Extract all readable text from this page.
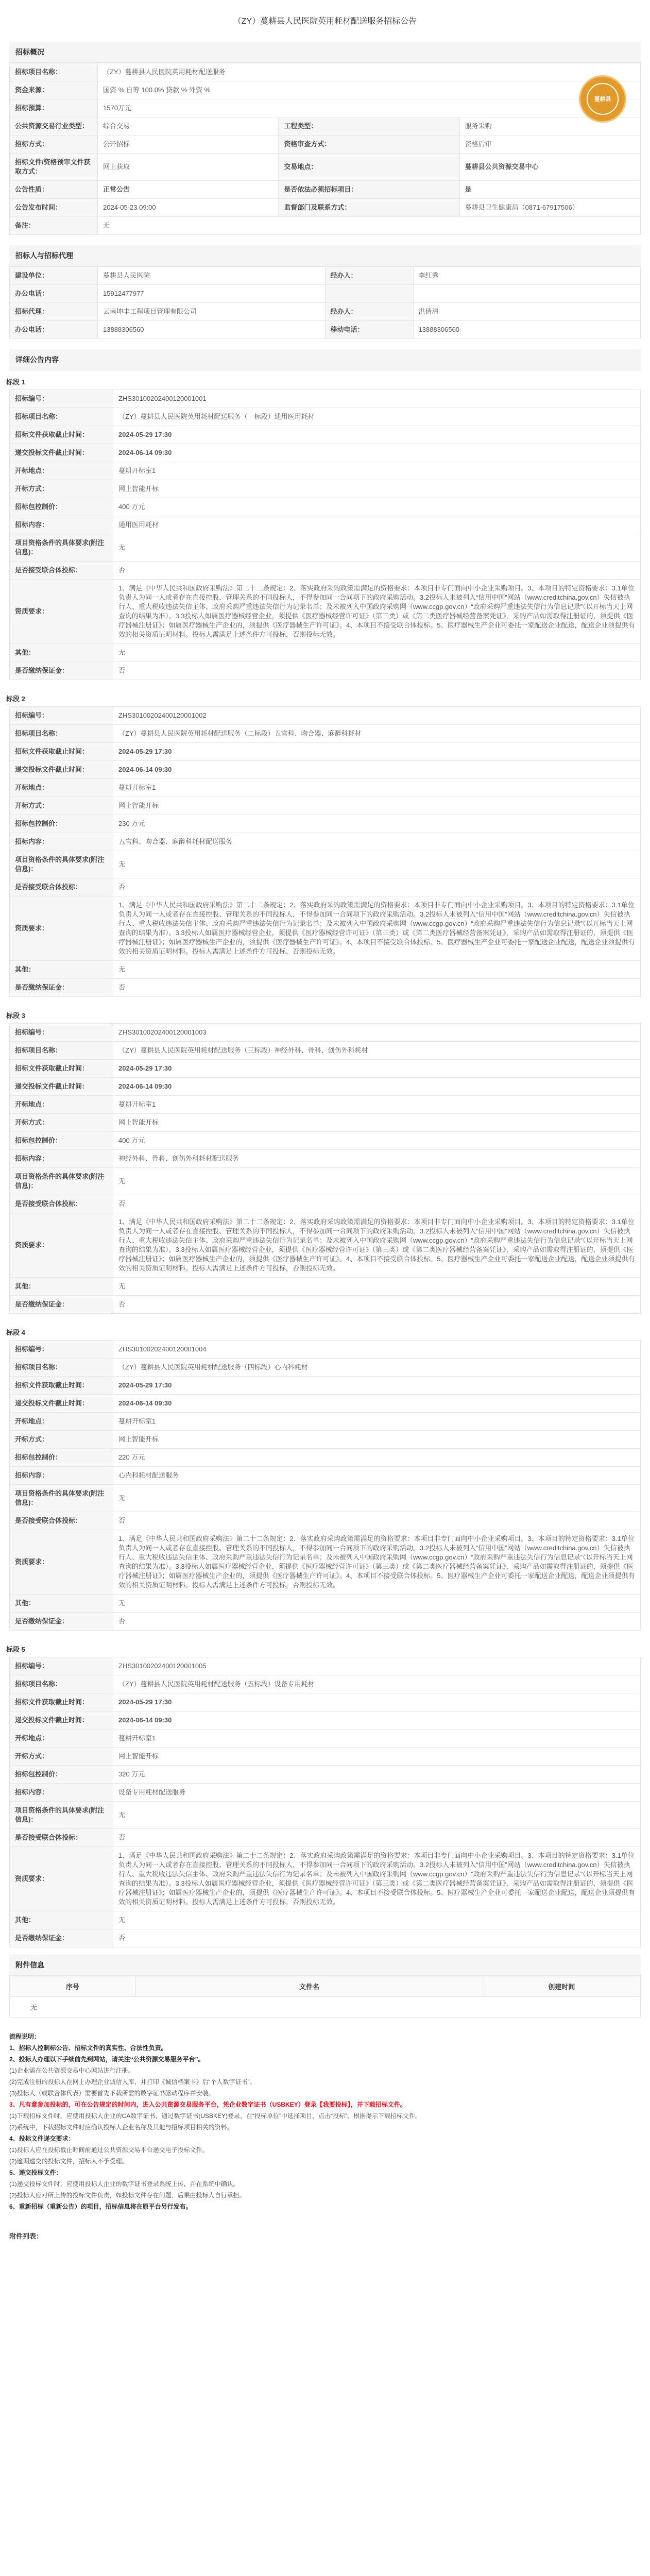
（ZY）蔓耕县人民医院英用耗材配送服务招标公告
招标概况
招标项目名称：	（ZY）蔓耕县人民医院英用耗材配送服务		
资金来源：	国资 % 自筹 100.0% 贷款 % 外资 %		
招标预算：	1570万元		
公共资源交易行业类型：	综合交易	工程类型：	服务采购
招标方式：	公开招标	资格审查方式：	资格后审
招标文件/资格预审文件获取方式：	网上获取	交易地点：	蔓耕县公共资源交易中心
公告性质：	正常公告	是否依法必须招标项目：	是
公告发布时间：	2024-05-23 09:00	监督部门及联系方式：	蔓耕县卫生健康局（0871-67917506）
备注：	无		
蔓耕县
招标人与招标代理
建设单位：	蔓耕县人民医院	经办人：	李红秀
办公电话：	15912477977		
招标代理：	云南坤丰工程项目管理有限公司	经办人：	洪倩清
办公电话：	13888306560	移动电话：	13888306560
详细公告内容
标段 1
招标编号：	ZHS30100202400120001001
招标项目名称：	（ZY）蔓耕县人民医院英用耗材配送服务（一标段）通用医用耗材
招标文件获取截止时间：	2024-05-29 17:30
递交投标文件截止时间：	2024-06-14 09:30
开标地点：	蔓耕开标室1
开标方式：	网上智能开标
招标包控制价：	400 万元
招标内容：	通用医用耗材
项目资格条件的具体要求(附注信息)：	无
是否接受联合体投标：	否
资质要求：	1、满足《中华人民共和国政府采购法》第二十二条规定：2、落实政府采购政策需满足的资格要求：本项目非专门面向中小企业采购项目。3、本项目的特定资格要求：3.1单位负责人为同一人或者存在直接控股、管理关系的不同投标人，不得参加同一合同项下的政府采购活动。3.2投标人未被列入“信用中国”网站（www.creditchina.gov.cn）失信被执行人、重大税收违法失信主体、政府采购严重违法失信行为记录名单；及未被列入中国政府采购网（www.ccgp.gov.cn）“政府采购严重违法失信行为信息记录”（以开标当天上网查询的结果为准）。3.3投标人如属医疗器械经营企业，须提供《医疗器械经营许可证》（第三类）或《第二类医疗器械经营备案凭证》，采购产品如需取得注册证的，须提供《医疗器械注册证》；如属医疗器械生产企业的，须提供《医疗器械生产许可证》。4、本项目不接受联合体投标。5、医疗器械生产企业可委托一家配送企业配送，配送企业须提供有效的相关资质证明材料。投标人需满足上述条件方可投标，否则投标无效。
其他：	无
是否缴纳保证金：	否
标段 2
招标编号：	ZHS30100202400120001002
招标项目名称：	（ZY）蔓耕县人民医院英用耗材配送服务（二标段）五官科、吻合器、麻醉科耗材
招标文件获取截止时间：	2024-05-29 17:30
递交投标文件截止时间：	2024-06-14 09:30
开标地点：	蔓耕开标室1
开标方式：	网上智能开标
招标包控制价：	230 万元
招标内容：	五官科、吻合器、麻醉科耗材配送服务
项目资格条件的具体要求(附注信息)：	无
是否接受联合体投标：	否
资质要求：	1、满足《中华人民共和国政府采购法》第二十二条规定：2、落实政府采购政策需满足的资格要求：本项目非专门面向中小企业采购项目。3、本项目的特定资格要求：3.1单位负责人为同一人或者存在直接控股、管理关系的不同投标人，不得参加同一合同项下的政府采购活动。3.2投标人未被列入“信用中国”网站（www.creditchina.gov.cn）失信被执行人、重大税收违法失信主体、政府采购严重违法失信行为记录名单；及未被列入中国政府采购网（www.ccgp.gov.cn）“政府采购严重违法失信行为信息记录”（以开标当天上网查询的结果为准）。3.3投标人如属医疗器械经营企业，须提供《医疗器械经营许可证》（第三类）或《第二类医疗器械经营备案凭证》，采购产品如需取得注册证的，须提供《医疗器械注册证》；如属医疗器械生产企业的，须提供《医疗器械生产许可证》。4、本项目不接受联合体投标。5、医疗器械生产企业可委托一家配送企业配送，配送企业须提供有效的相关资质证明材料。投标人需满足上述条件方可投标，否则投标无效。
其他：	无
是否缴纳保证金：	否
标段 3
招标编号：	ZHS30100202400120001003
招标项目名称：	（ZY）蔓耕县人民医院英用耗材配送服务（三标段）神经外科、骨科、创伤外科耗材
招标文件获取截止时间：	2024-05-29 17:30
递交投标文件截止时间：	2024-06-14 09:30
开标地点：	蔓耕开标室1
开标方式：	网上智能开标
招标包控制价：	400 万元
招标内容：	神经外科、骨科、创伤外科耗材配送服务
项目资格条件的具体要求(附注信息)：	无
是否接受联合体投标：	否
资质要求：	1、满足《中华人民共和国政府采购法》第二十二条规定：2、落实政府采购政策需满足的资格要求：本项目非专门面向中小企业采购项目。3、本项目的特定资格要求：3.1单位负责人为同一人或者存在直接控股、管理关系的不同投标人，不得参加同一合同项下的政府采购活动。3.2投标人未被列入“信用中国”网站（www.creditchina.gov.cn）失信被执行人、重大税收违法失信主体、政府采购严重违法失信行为记录名单；及未被列入中国政府采购网（www.ccgp.gov.cn）“政府采购严重违法失信行为信息记录”（以开标当天上网查询的结果为准）。3.3投标人如属医疗器械经营企业，须提供《医疗器械经营许可证》（第三类）或《第二类医疗器械经营备案凭证》，采购产品如需取得注册证的，须提供《医疗器械注册证》；如属医疗器械生产企业的，须提供《医疗器械生产许可证》。4、本项目不接受联合体投标。5、医疗器械生产企业可委托一家配送企业配送，配送企业须提供有效的相关资质证明材料。投标人需满足上述条件方可投标，否则投标无效。
其他：	无
是否缴纳保证金：	否
标段 4
招标编号：	ZHS30100202400120001004
招标项目名称：	（ZY）蔓耕县人民医院英用耗材配送服务（四标段）心内科耗材
招标文件获取截止时间：	2024-05-29 17:30
递交投标文件截止时间：	2024-06-14 09:30
开标地点：	蔓耕开标室1
开标方式：	网上智能开标
招标包控制价：	220 万元
招标内容：	心内科耗材配送服务
项目资格条件的具体要求(附注信息)：	无
是否接受联合体投标：	否
资质要求：	1、满足《中华人民共和国政府采购法》第二十二条规定：2、落实政府采购政策需满足的资格要求：本项目非专门面向中小企业采购项目。3、本项目的特定资格要求：3.1单位负责人为同一人或者存在直接控股、管理关系的不同投标人，不得参加同一合同项下的政府采购活动。3.2投标人未被列入“信用中国”网站（www.creditchina.gov.cn）失信被执行人、重大税收违法失信主体、政府采购严重违法失信行为记录名单；及未被列入中国政府采购网（www.ccgp.gov.cn）“政府采购严重违法失信行为信息记录”（以开标当天上网查询的结果为准）。3.3投标人如属医疗器械经营企业，须提供《医疗器械经营许可证》（第三类）或《第二类医疗器械经营备案凭证》，采购产品如需取得注册证的，须提供《医疗器械注册证》；如属医疗器械生产企业的，须提供《医疗器械生产许可证》。4、本项目不接受联合体投标。5、医疗器械生产企业可委托一家配送企业配送，配送企业须提供有效的相关资质证明材料。投标人需满足上述条件方可投标，否则投标无效。
其他：	无
是否缴纳保证金：	否
标段 5
招标编号：	ZHS30100202400120001005
招标项目名称：	（ZY）蔓耕县人民医院英用耗材配送服务（五标段）设备专用耗材
招标文件获取截止时间：	2024-05-29 17:30
递交投标文件截止时间：	2024-06-14 09:30
开标地点：	蔓耕开标室1
开标方式：	网上智能开标
招标包控制价：	320 万元
招标内容：	设备专用耗材配送服务
项目资格条件的具体要求(附注信息)：	无
是否接受联合体投标：	否
资质要求：	1、满足《中华人民共和国政府采购法》第二十二条规定：2、落实政府采购政策需满足的资格要求：本项目非专门面向中小企业采购项目。3、本项目的特定资格要求：3.1单位负责人为同一人或者存在直接控股、管理关系的不同投标人，不得参加同一合同项下的政府采购活动。3.2投标人未被列入“信用中国”网站（www.creditchina.gov.cn）失信被执行人、重大税收违法失信主体、政府采购严重违法失信行为记录名单；及未被列入中国政府采购网（www.ccgp.gov.cn）“政府采购严重违法失信行为信息记录”（以开标当天上网查询的结果为准）。3.3投标人如属医疗器械经营企业，须提供《医疗器械经营许可证》（第三类）或《第二类医疗器械经营备案凭证》，采购产品如需取得注册证的，须提供《医疗器械注册证》；如属医疗器械生产企业的，须提供《医疗器械生产许可证》。4、本项目不接受联合体投标。5、医疗器械生产企业可委托一家配送企业配送，配送企业须提供有效的相关资质证明材料。投标人需满足上述条件方可投标，否则投标无效。
其他：	无
是否缴纳保证金：	否
附件信息
序号	文件名	创建时间
无
流程说明：
1、招标人控制标公告、招标文件的真实性、合法性负责。
2、投标人办理以下手续前先到网站，请关注“公共资源交易服务平台”。
(1)企业需在公共资源交易中心网站进行注册。
(2)完成注册的投标人在网上办理企业诚信入库，并打印《诚信档案卡》后“个人数字证书”。
(3)投标人（或联合体代表）需要首先下载所需的数字证书驱动程序并安装。
3、凡有意参加投标的，可在公告规定的时间内，进入公共资源交易服务平台，凭企业数字证书（USBKEY）登录【我要投标】，并下载招标文件。
(1)下载招标文件时，应使用投标人企业的CA数字证书，通过数字证书(USBKEY)登录，在“投标单位”中选择项目，点击“投标”，根据提示下载招标文件。
(2)系统中，下载招标文件时应确认投标人企业名称及其他与招标项目相关的资料。
4、投标文件递交要求：
(1)投标人应在投标截止时间前通过公共资源交易平台递交电子投标文件。
(2)逾期递交的投标文件，招标人不予受理。
5、递交投标文件：
(1)递交投标文件时，应使用投标人企业的数字证书登录系统上传，并在系统中确认。
(2)投标人应对所上传的投标文件负责，如投标文件存在问题，后果由投标人自行承担。
6、重新招标（重新公告）的项目，招标信息将在原平台另行发布。
附件列表：
